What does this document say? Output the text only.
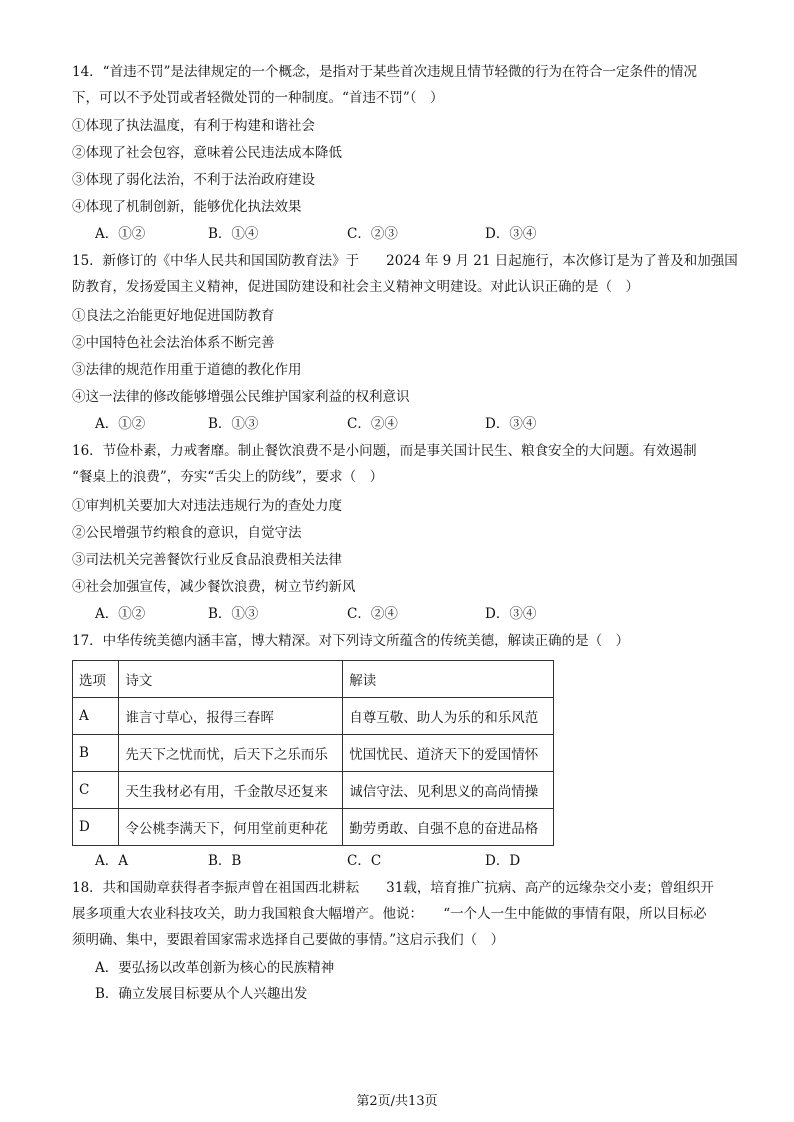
14．“首违不罚”是法律规定的一个概念，是指对于某些首次违规且情节轻微的行为在符合一定条件的情况
下，可以不予处罚或者轻微处罚的一种制度。“首违不罚”（　）
①体现了执法温度，有利于构建和谐社会
②体现了社会包容，意味着公民违法成本降低
③体现了弱化法治，不利于法治政府建设
④体现了机制创新，能够优化执法效果
A．①②	B．①④	C．②③	D．③④
15．新修订的《中华人民共和国国防教育法》于　　2024 年 9 月 21 日起施行，本次修订是为了普及和加强国
防教育，发扬爱国主义精神，促进国防建设和社会主义精神文明建设。对此认识正确的是（　）
①良法之治能更好地促进国防教育
②中国特色社会法治体系不断完善
③法律的规范作用重于道德的教化作用
④这一法律的修改能够增强公民维护国家利益的权利意识
A．①②	B．①③	C．②④	D．③④
16．节俭朴素，力戒奢靡。制止餐饮浪费不是小问题，而是事关国计民生、粮食安全的大问题。有效遏制
“餐桌上的浪费”，夯实“舌尖上的防线”，要求（　）
①审判机关要加大对违法违规行为的查处力度
②公民增强节约粮食的意识，自觉守法
③司法机关完善餐饮行业反食品浪费相关法律
④社会加强宣传，减少餐饮浪费，树立节约新风
A．①②	B．①③	C．②④	D．③④
17．中华传统美德内涵丰富，博大精深。对下列诗文所蕴含的传统美德，解读正确的是（　）
选项	诗文	解读
A	谁言寸草心，报得三春晖	自尊互敬、助人为乐的和乐风范
B	先天下之忧而忧，后天下之乐而乐	忧国忧民、道济天下的爱国情怀
C	天生我材必有用，千金散尽还复来	诚信守法、见利思义的高尚情操
D	令公桃李满天下，何用堂前更种花	勤劳勇敢、自强不息的奋进品格
A．A	B．B	C．C	D．D
18．共和国勋章获得者李振声曾在祖国西北耕耘　　31载，培育推广抗病、高产的远缘杂交小麦；曾组织开
展多项重大农业科技攻关，助力我国粮食大幅增产。他说：　　“一个人一生中能做的事情有限，所以目标必
须明确、集中，要跟着国家需求选择自己要做的事情。”这启示我们（　）
A．要弘扬以改革创新为核心的民族精神
B．确立发展目标要从个人兴趣出发
第2页/共13页
